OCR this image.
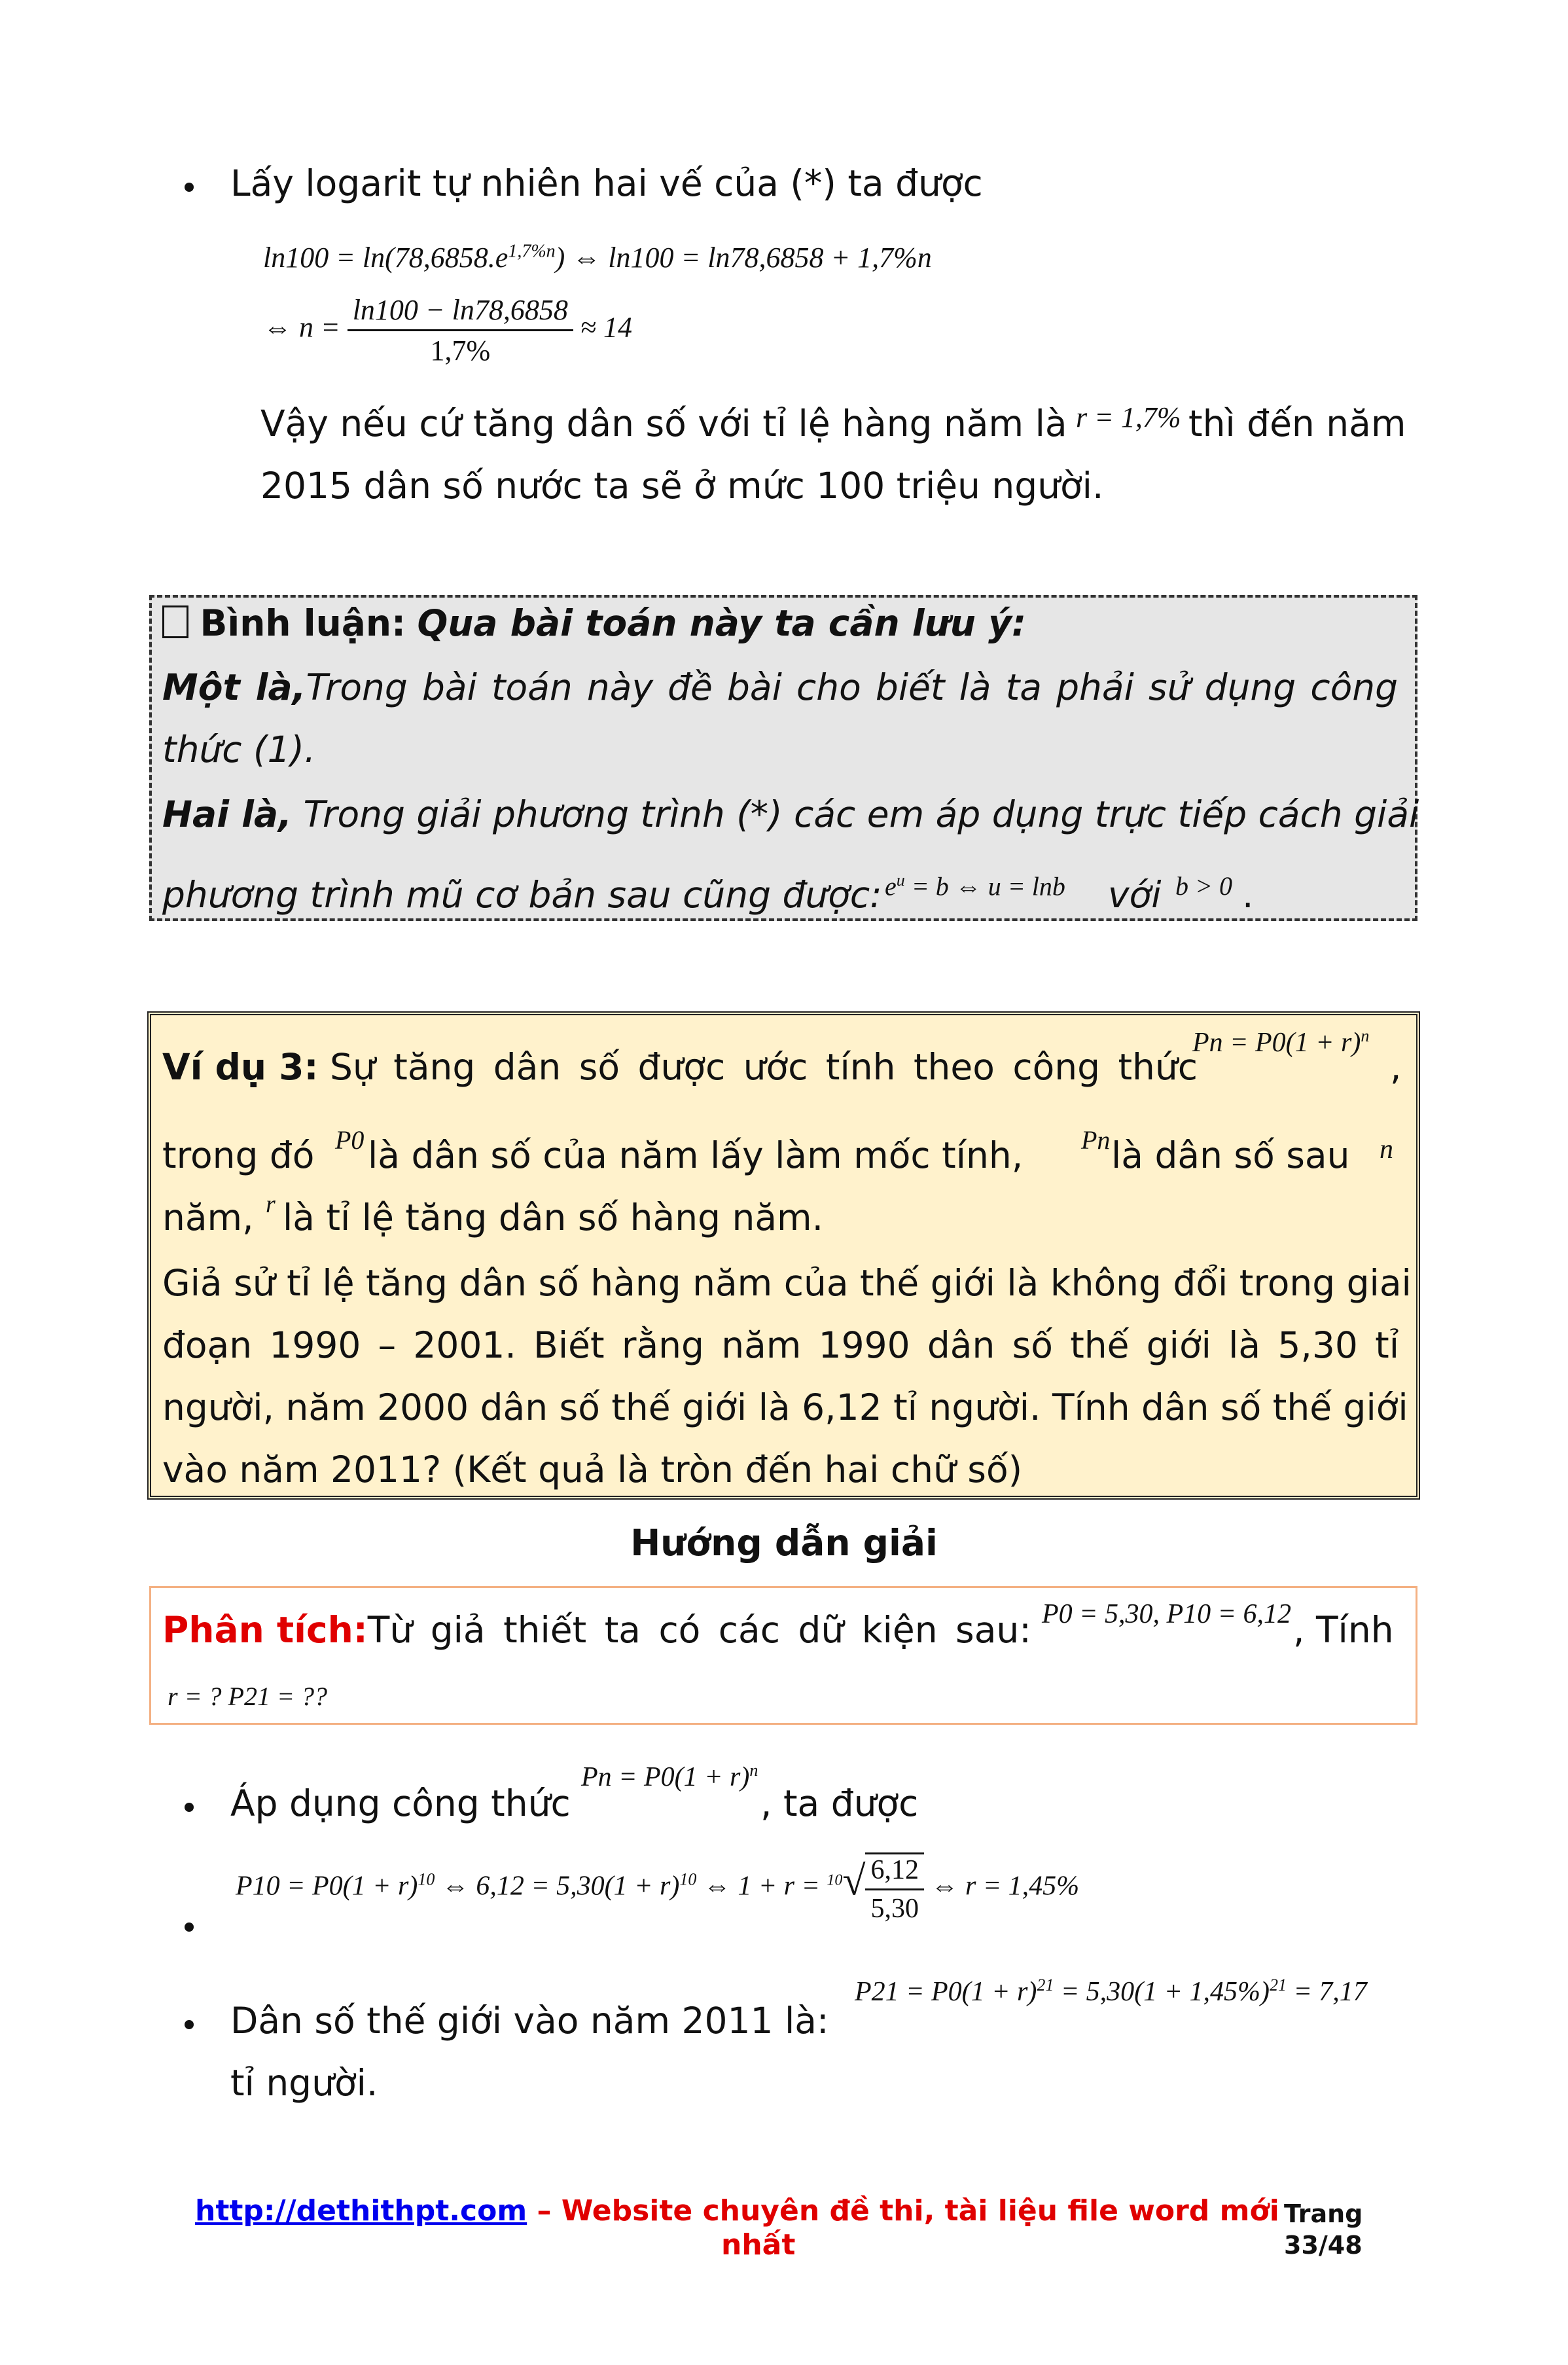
Lấy logarit tự nhiên hai vế của (*) ta được
$\ln 100 = \ln(78,6858.e^{1,7\%n})$ ⇔ ln100 = ln78,6858 + 1,7%n
⇔ $n = \frac{\ln 100 - \ln 78,6858}{1,7\%} \approx 14$
Vậy nếu cứ tăng dân số với tỉ lệ hàng năm là r = 1,7% thì đến năm
2015 dân số nước ta sẽ ở mức 100 triệu người.
Bình luận: Qua bài toán này ta cần lưu ý:
Một là,Trong bài toán này đề bài cho biết là ta phải sử dụng công
thức (1).
Hai là, Trong giải phương trình (*) các em áp dụng trực tiếp cách giải
phương trình mũ cơ bản sau cũng được: $e^u = b$ ⇔ u = lnb với b > 0 .
Ví dụ 3: Sự tăng dân số được ước tính theo công thức
$Pn = P0(1 + r)^n$
,
trong đó P0 là dân số của năm lấy làm mốc tính, Pn là dân số sau n
năm, r là tỉ lệ tăng dân số hàng năm.
Giả sử tỉ lệ tăng dân số hàng năm của thế giới là không đổi trong giai
đoạn 1990 – 2001. Biết rằng năm 1990 dân số thế giới là 5,30 tỉ
người, năm 2000 dân số thế giới là 6,12 tỉ người. Tính dân số thế giới
vào năm 2011? (Kết quả là tròn đến hai chữ số)
Hướng dẫn giải
Phân tích:Từ giả thiết ta có các dữ kiện sau: P0 = 5,30, P10 = 6,12 , Tính
r = ? P21 = ??
Áp dụng công thức
$Pn = P0(1 + r)^n$
, ta được
$P10 = P0(1 + r)^{10}$ ⇔ $6,12 = 5,30(1 + r)^{10}$ ⇔ $1 + r = ^{10}√ \frac{6,12}{5,30}$ ⇔ r = 1,45%
Dân số thế giới vào năm 2011 là:
$P21 = P0(1 + r)^{21} = 5,30(1 + 1,45\%)^{21} = 7,17$
tỉ người.
http://dethithpt.com – Website chuyên đề thi, tài liệu file word mới
nhất
Trang
33/48
